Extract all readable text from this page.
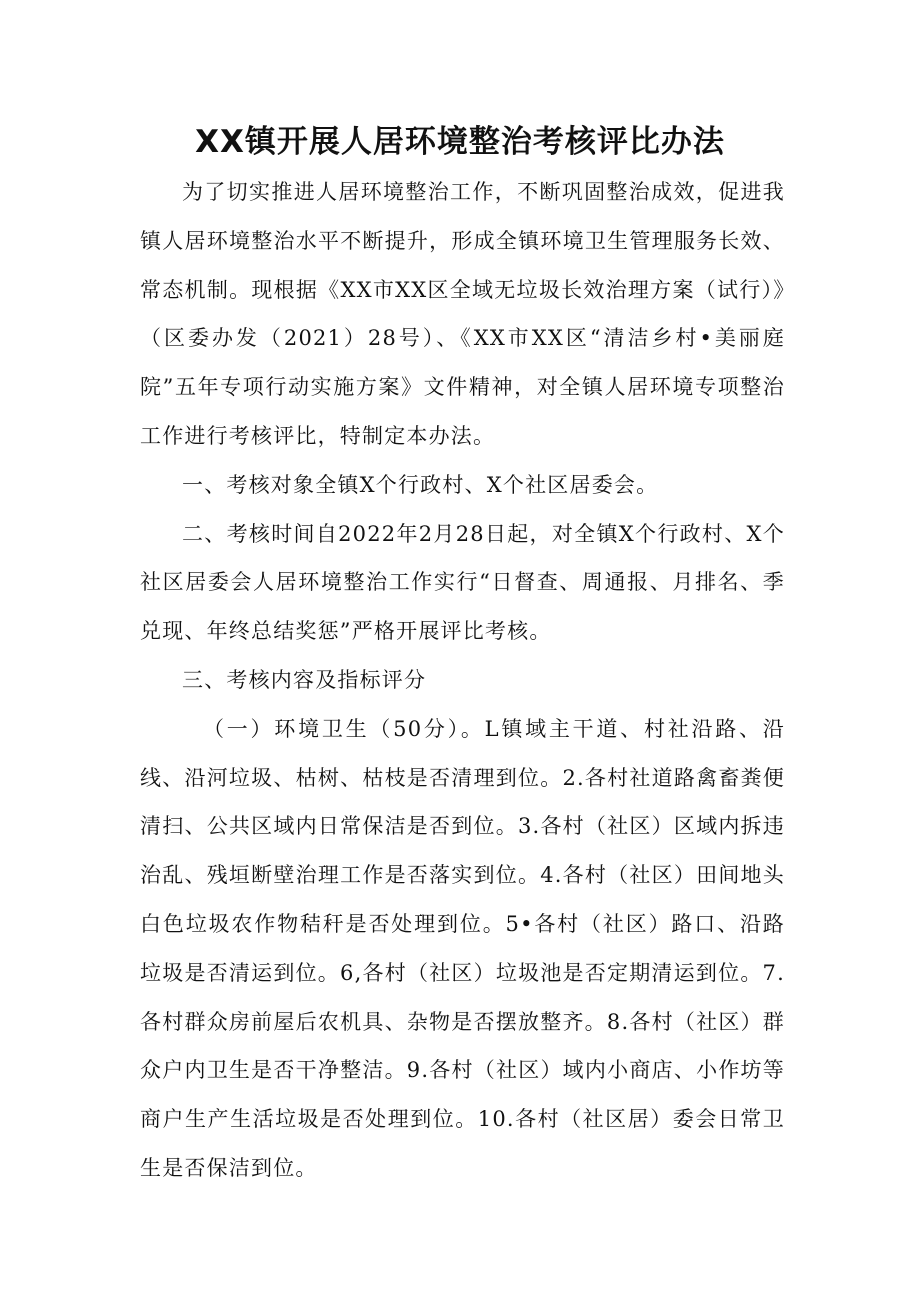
XX镇开展人居环境整治考核评比办法

为了切实推进人居环境整治工作，不断巩固整治成效，促进我镇人居环境整治水平不断提升，形成全镇环境卫生管理服务长效、常态机制。现根据《XX市XX区全域无垃圾长效治理方案（试行）》（区委办发（2021）28号）、《XX市XX区“清洁乡村•美丽庭院”五年专项行动实施方案》文件精神，对全镇人居环境专项整治工作进行考核评比，特制定本办法。

一、考核对象全镇X个行政村、X个社区居委会。

二、考核时间自2022年2月28日起，对全镇X个行政村、X个社区居委会人居环境整治工作实行“日督查、周通报、月排名、季兑现、年终总结奖惩”严格开展评比考核。

三、考核内容及指标评分

（一）环境卫生（50分）。L镇域主干道、村社沿路、沿线、沿河垃圾、枯树、枯枝是否清理到位。2.各村社道路禽畜粪便清扫、公共区域内日常保洁是否到位。3.各村（社区）区域内拆违治乱、残垣断壁治理工作是否落实到位。4.各村（社区）田间地头白色垃圾农作物秸秆是否处理到位。5•各村（社区）路口、沿路垃圾是否清运到位。6,各村（社区）垃圾池是否定期清运到位。7.各村群众房前屋后农机具、杂物是否摆放整齐。8.各村（社区）群众户内卫生是否干净整洁。9.各村（社区）域内小商店、小作坊等商户生产生活垃圾是否处理到位。10.各村（社区居）委会日常卫生是否保洁到位。
